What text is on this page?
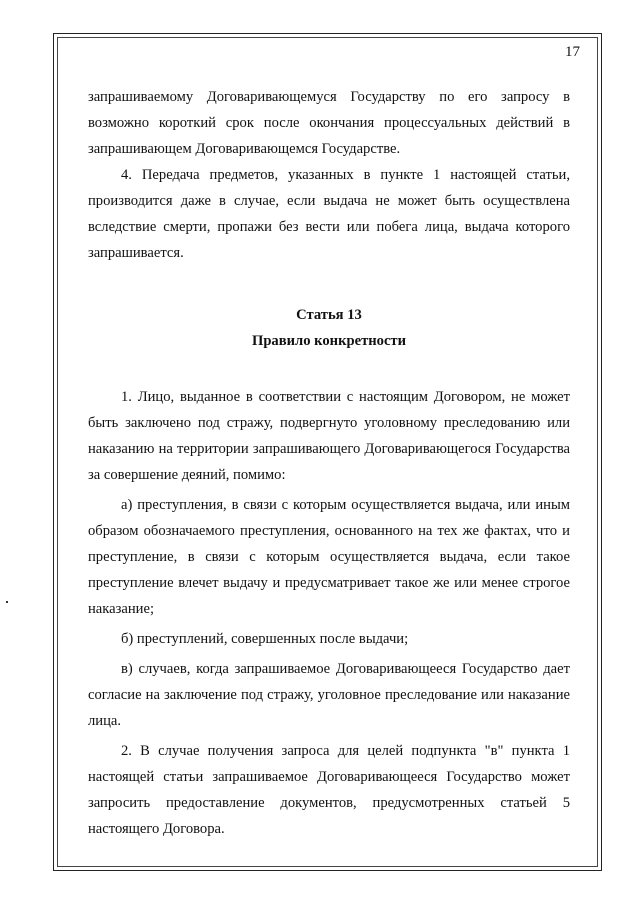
17

запрашиваемому Договаривающемуся Государству по его запросу в возможно короткий срок после окончания процессуальных действий в запрашивающем Договаривающемся Государстве.

4. Передача предметов, указанных в пункте 1 настоящей статьи, производится даже в случае, если выдача не может быть осуществлена вследствие смерти, пропажи без вести или побега лица, выдача которого запрашивается.

Статья 13
Правило конкретности

1. Лицо, выданное в соответствии с настоящим Договором, не может быть заключено под стражу, подвергнуто уголовному преследованию или наказанию на территории запрашивающего Договаривающегося Государства за совершение деяний, помимо:

а) преступления, в связи с которым осуществляется выдача, или иным образом обозначаемого преступления, основанного на тех же фактах, что и преступление, в связи с которым осуществляется выдача, если такое преступление влечет выдачу и предусматривает такое же или менее строгое наказание;

б) преступлений, совершенных после выдачи;

в) случаев, когда запрашиваемое Договаривающееся Государство дает согласие на заключение под стражу, уголовное преследование или наказание лица.

2. В случае получения запроса для целей подпункта "в" пункта 1 настоящей статьи запрашиваемое Договаривающееся Государство может запросить предоставление документов, предусмотренных статьей 5 настоящего Договора.
